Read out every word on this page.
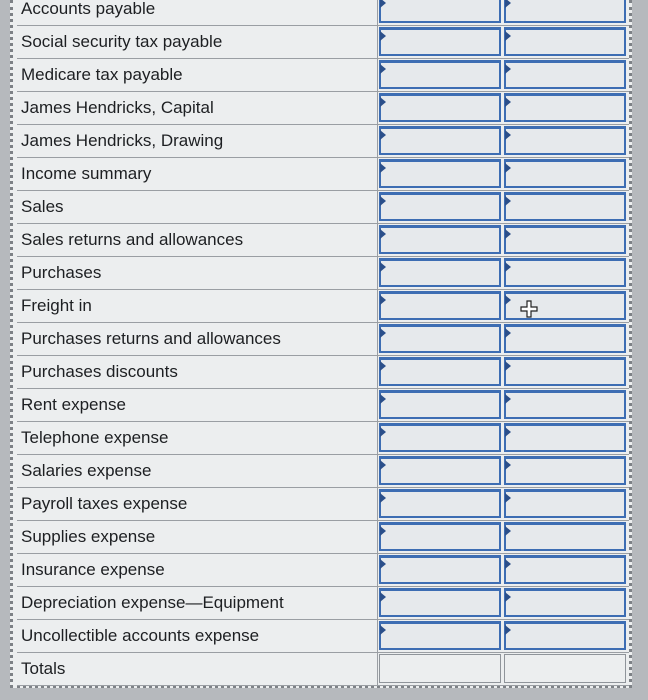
Accounts payable
Social security tax payable
Medicare tax payable
James Hendricks, Capital
James Hendricks, Drawing
Income summary
Sales
Sales returns and allowances
Purchases
Freight in
Purchases returns and allowances
Purchases discounts
Rent expense
Telephone expense
Salaries expense
Payroll taxes expense
Supplies expense
Insurance expense
Depreciation expense—Equipment
Uncollectible accounts expense
Totals
